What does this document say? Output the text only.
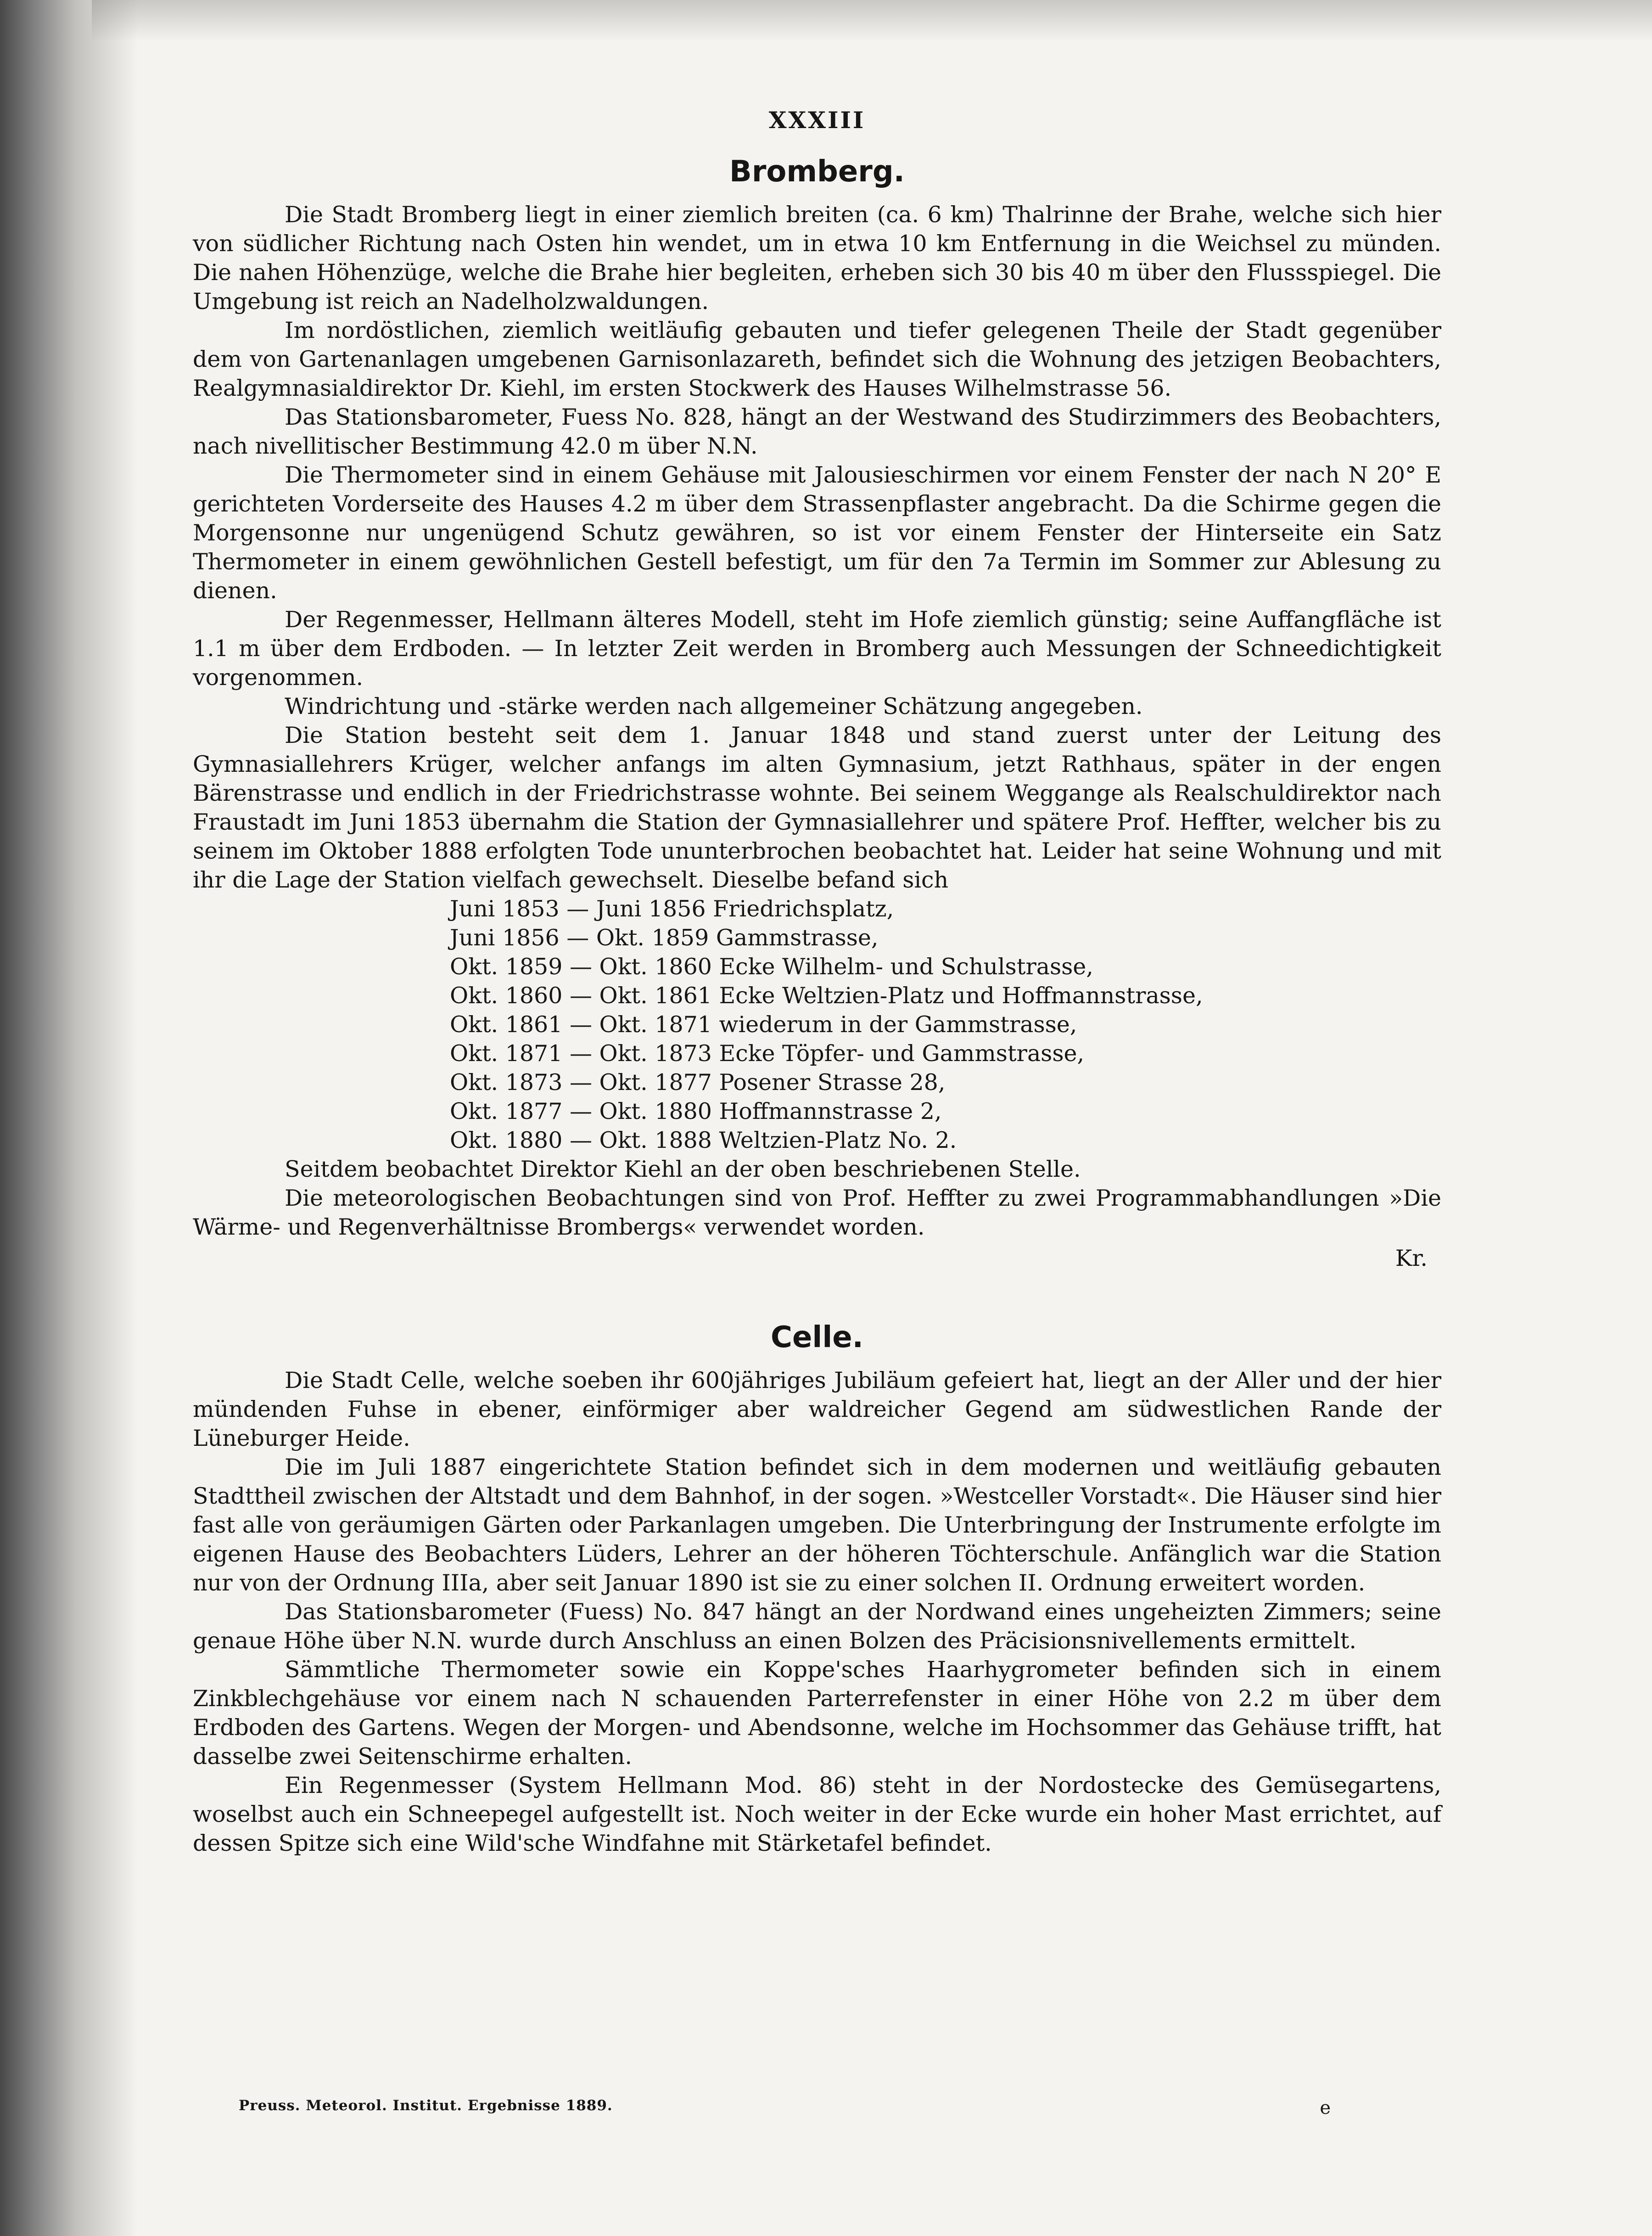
XXXIII
Bromberg.

Die Stadt Bromberg liegt in einer ziemlich breiten (ca. 6 km) Thalrinne der Brahe, welche sich hier von südlicher Richtung nach Osten hin wendet, um in etwa 10 km Entfernung in die Weichsel zu münden. Die nahen Höhenzüge, welche die Brahe hier begleiten, erheben sich 30 bis 40 m über den Flussspiegel. Die Umgebung ist reich an Nadelholzwaldungen.

Im nordöstlichen, ziemlich weitläufig gebauten und tiefer gelegenen Theile der Stadt gegenüber dem von Gartenanlagen umgebenen Garnisonlazareth, befindet sich die Wohnung des jetzigen Beobachters, Realgymnasialdirektor Dr. Kiehl, im ersten Stockwerk des Hauses Wilhelmstrasse 56.

Das Stationsbarometer, Fuess No. 828, hängt an der Westwand des Studirzimmers des Beobachters, nach nivellitischer Bestimmung 42.0 m über N.N.

Die Thermometer sind in einem Gehäuse mit Jalousieschirmen vor einem Fenster der nach N 20° E gerichteten Vorderseite des Hauses 4.2 m über dem Strassenpflaster angebracht. Da die Schirme gegen die Morgensonne nur ungenügend Schutz gewähren, so ist vor einem Fenster der Hinterseite ein Satz Thermometer in einem gewöhnlichen Gestell befestigt, um für den 7a Termin im Sommer zur Ablesung zu dienen.

Der Regenmesser, Hellmann älteres Modell, steht im Hofe ziemlich günstig; seine Auffangfläche ist 1.1 m über dem Erdboden. — In letzter Zeit werden in Bromberg auch Messungen der Schneedichtigkeit vorgenommen.

Windrichtung und -stärke werden nach allgemeiner Schätzung angegeben.

Die Station besteht seit dem 1. Januar 1848 und stand zuerst unter der Leitung des Gymnasiallehrers Krüger, welcher anfangs im alten Gymnasium, jetzt Rathhaus, später in der engen Bärenstrasse und endlich in der Friedrichstrasse wohnte. Bei seinem Weggange als Realschuldirektor nach Fraustadt im Juni 1853 übernahm die Station der Gymnasiallehrer und spätere Prof. Heffter, welcher bis zu seinem im Oktober 1888 erfolgten Tode ununterbrochen beobachtet hat. Leider hat seine Wohnung und mit ihr die Lage der Station vielfach gewechselt. Dieselbe befand sich

Juni 1853 — Juni 1856 Friedrichsplatz,
Juni 1856 — Okt. 1859 Gammstrasse,
Okt. 1859 — Okt. 1860 Ecke Wilhelm- und Schulstrasse,
Okt. 1860 — Okt. 1861 Ecke Weltzien-Platz und Hoffmannstrasse,
Okt. 1861 — Okt. 1871 wiederum in der Gammstrasse,
Okt. 1871 — Okt. 1873 Ecke Töpfer- und Gammstrasse,
Okt. 1873 — Okt. 1877 Posener Strasse 28,
Okt. 1877 — Okt. 1880 Hoffmannstrasse 2,
Okt. 1880 — Okt. 1888 Weltzien-Platz No. 2.

Seitdem beobachtet Direktor Kiehl an der oben beschriebenen Stelle.

Die meteorologischen Beobachtungen sind von Prof. Heffter zu zwei Programmabhandlungen »Die Wärme- und Regenverhältnisse Brombergs« verwendet worden.

Kr.
Celle.

Die Stadt Celle, welche soeben ihr 600jähriges Jubiläum gefeiert hat, liegt an der Aller und der hier mündenden Fuhse in ebener, einförmiger aber waldreicher Gegend am südwestlichen Rande der Lüneburger Heide.

Die im Juli 1887 eingerichtete Station befindet sich in dem modernen und weitläufig gebauten Stadttheil zwischen der Altstadt und dem Bahnhof, in der sogen. »Westceller Vorstadt«. Die Häuser sind hier fast alle von geräumigen Gärten oder Parkanlagen umgeben. Die Unterbringung der Instrumente erfolgte im eigenen Hause des Beobachters Lüders, Lehrer an der höheren Töchterschule. Anfänglich war die Station nur von der Ordnung IIIa, aber seit Januar 1890 ist sie zu einer solchen II. Ordnung erweitert worden.

Das Stationsbarometer (Fuess) No. 847 hängt an der Nordwand eines ungeheizten Zimmers; seine genaue Höhe über N.N. wurde durch Anschluss an einen Bolzen des Präcisionsnivellements ermittelt.

Sämmtliche Thermometer sowie ein Koppe'sches Haarhygrometer befinden sich in einem Zinkblechgehäuse vor einem nach N schauenden Parterrefenster in einer Höhe von 2.2 m über dem Erdboden des Gartens. Wegen der Morgen- und Abendsonne, welche im Hochsommer das Gehäuse trifft, hat dasselbe zwei Seitenschirme erhalten.

Ein Regenmesser (System Hellmann Mod. 86) steht in der Nordostecke des Gemüsegartens, woselbst auch ein Schneepegel aufgestellt ist. Noch weiter in der Ecke wurde ein hoher Mast errichtet, auf dessen Spitze sich eine Wild'sche Windfahne mit Stärketafel befindet.

Preuss. Meteorol. Institut. Ergebnisse 1889.	e
